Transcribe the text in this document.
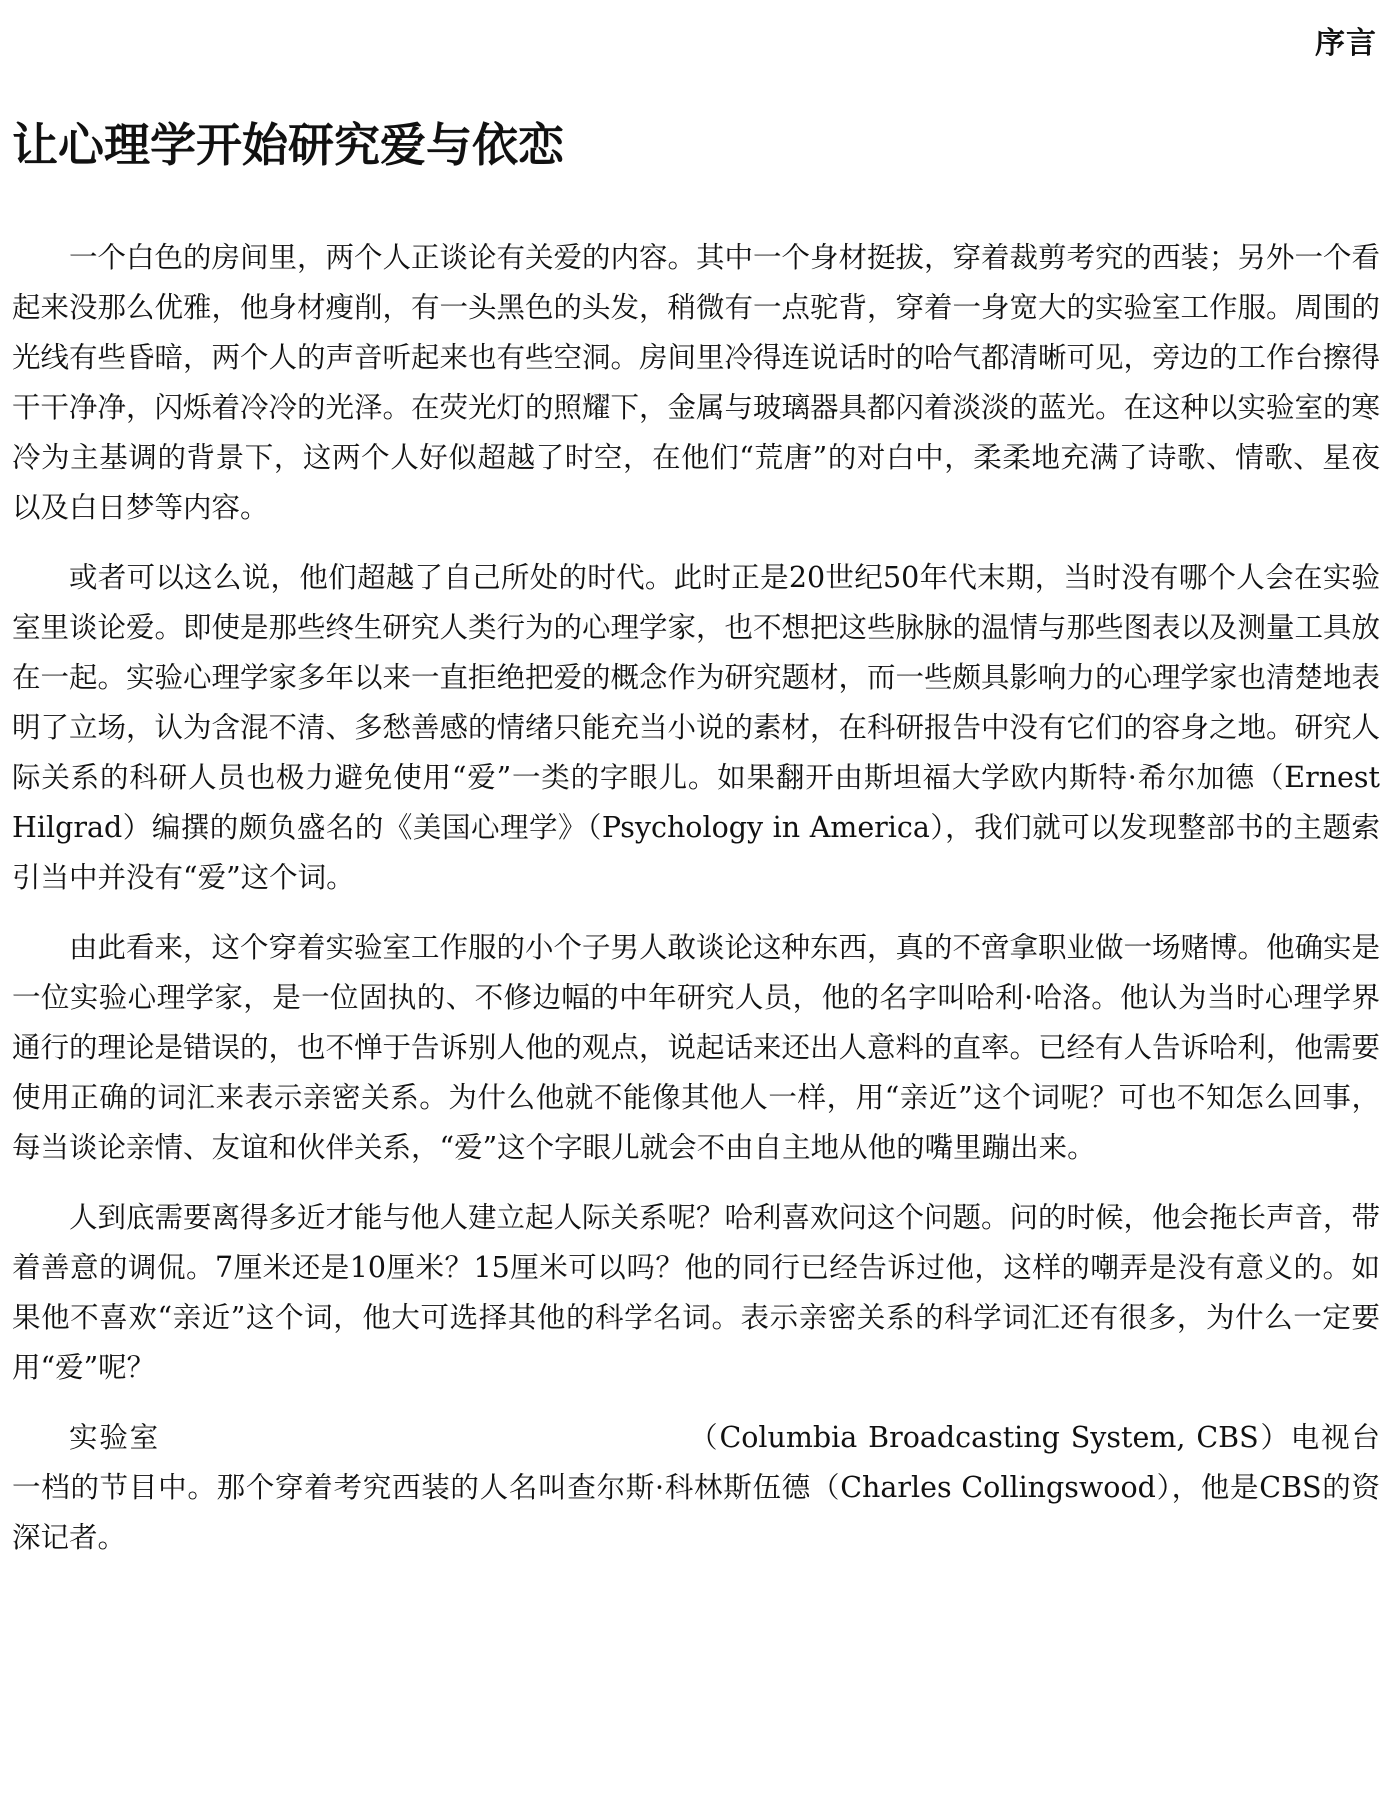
序言
让心理学开始研究爱与依恋

一个白色的房间里，两个人正谈论有关爱的内容。其中一个身材挺拔，穿着裁剪考究的西装；另外一个看起来没那么优雅，他身材瘦削，有一头黑色的头发，稍微有一点驼背，穿着一身宽大的实验室工作服。周围的光线有些昏暗，两个人的声音听起来也有些空洞。房间里冷得连说话时的哈气都清晰可见，旁边的工作台擦得干干净净，闪烁着冷冷的光泽。在荧光灯的照耀下，金属与玻璃器具都闪着淡淡的蓝光。在这种以实验室的寒冷为主基调的背景下，这两个人好似超越了时空，在他们“荒唐”的对白中，柔柔地充满了诗歌、情歌、星夜以及白日梦等内容。

或者可以这么说，他们超越了自己所处的时代。此时正是20世纪50年代末期，当时没有哪个人会在实验室里谈论爱。即使是那些终生研究人类行为的心理学家，也不想把这些脉脉的温情与那些图表以及测量工具放在一起。实验心理学家多年以来一直拒绝把爱的概念作为研究题材，而一些颇具影响力的心理学家也清楚地表明了立场，认为含混不清、多愁善感的情绪只能充当小说的素材，在科研报告中没有它们的容身之地。研究人际关系的科研人员也极力避免使用“爱”一类的字眼儿。如果翻开由斯坦福大学欧内斯特·希尔加德（Ernest Hilgrad）编撰的颇负盛名的《美国心理学》（Psychology in America），我们就可以发现整部书的主题索引当中并没有“爱”这个词。

由此看来，这个穿着实验室工作服的小个子男人敢谈论这种东西，真的不啻拿职业做一场赌博。他确实是一位实验心理学家，是一位固执的、不修边幅的中年研究人员，他的名字叫哈利·哈洛。他认为当时心理学界通行的理论是错误的，也不惮于告诉别人他的观点，说起话来还出人意料的直率。已经有人告诉哈利，他需要使用正确的词汇来表示亲密关系。为什么他就不能像其他人一样，用“亲近”这个词呢？可也不知怎么回事，每当谈论亲情、友谊和伙伴关系，“爱”这个字眼儿就会不由自主地从他的嘴里蹦出来。

人到底需要离得多近才能与他人建立起人际关系呢？哈利喜欢问这个问题。问的时候，他会拖长声音，带着善意的调侃。7厘米还是10厘米？15厘米可以吗？他的同行已经告诉过他，这样的嘲弄是没有意义的。如果他不喜欢“亲近”这个词，他大可选择其他的科学名词。表示亲密关系的科学词汇还有很多，为什么一定要用“爱”呢？

实验室	（Columbia Broadcasting System, CBS）电视台一档的节目中。那个穿着考究西装的人名叫查尔斯·科林斯伍德（Charles Collingswood），他是CBS的资深记者。
